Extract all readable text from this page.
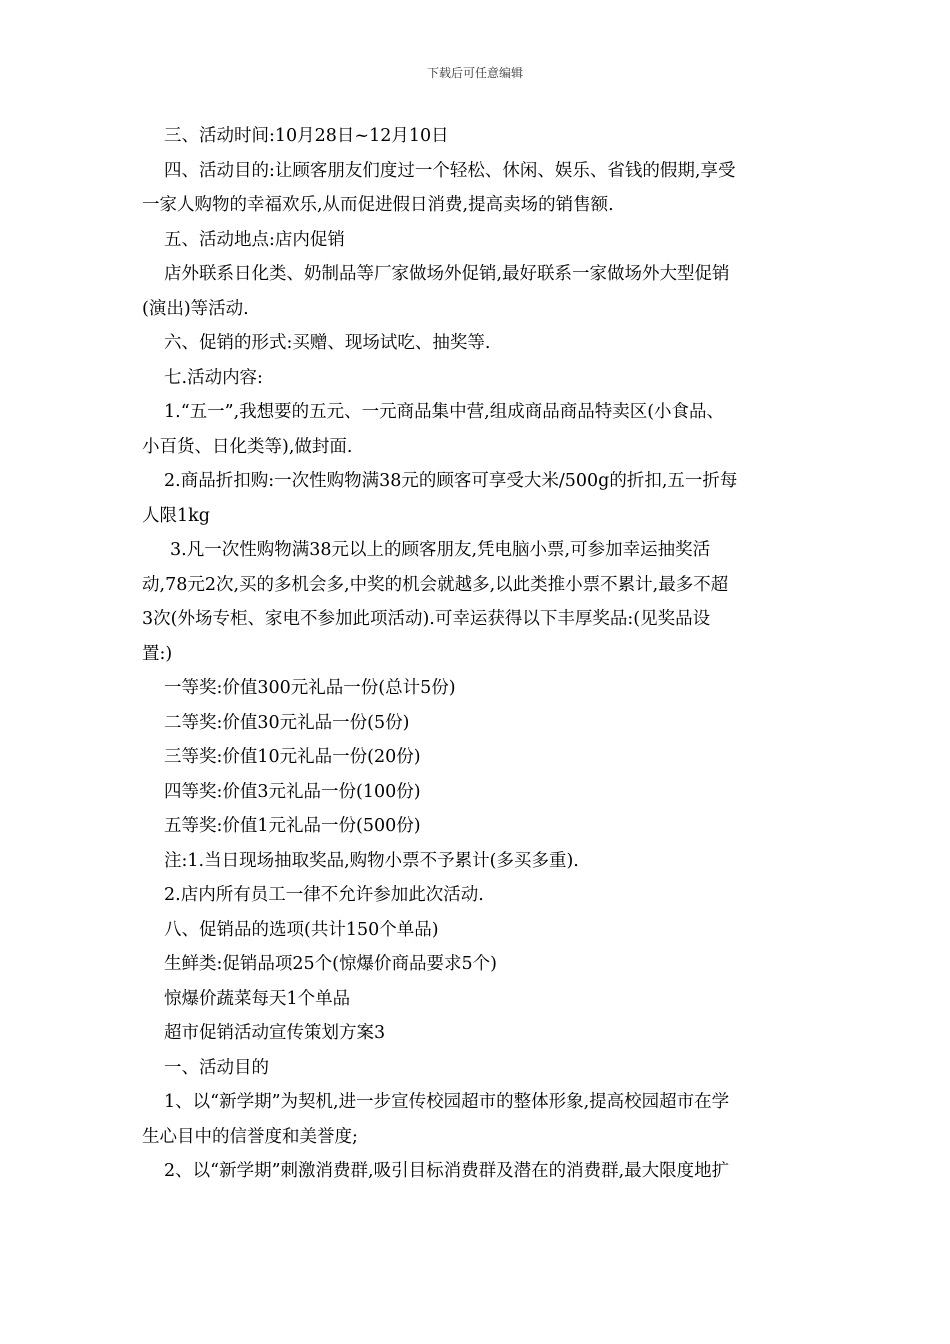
下载后可任意编辑

三、活动时间:10月28日~12月10日

四、活动目的:让顾客朋友们度过一个轻松、休闲、娱乐、省钱的假期,享受

一家人购物的幸福欢乐,从而促进假日消费,提高卖场的销售额.

五、活动地点:店内促销

店外联系日化类、奶制品等厂家做场外促销,最好联系一家做场外大型促销

(演出)等活动.

六、促销的形式:买赠、现场试吃、抽奖等.

七.活动内容:

1.“五一”,我想要的五元、一元商品集中营,组成商品商品特卖区(小食品、

小百货、日化类等),做封面.

2.商品折扣购:一次性购物满38元的顾客可享受大米/500g的折扣,五一折每

人限1kg

3.凡一次性购物满38元以上的顾客朋友,凭电脑小票,可参加幸运抽奖活

动,78元2次,买的多机会多,中奖的机会就越多,以此类推小票不累计,最多不超

3次(外场专柜、家电不参加此项活动).可幸运获得以下丰厚奖品:(见奖品设

置:)

一等奖:价值300元礼品一份(总计5份)

二等奖:价值30元礼品一份(5份)

三等奖:价值10元礼品一份(20份)

四等奖:价值3元礼品一份(100份)

五等奖:价值1元礼品一份(500份)

注:1.当日现场抽取奖品,购物小票不予累计(多买多重).

2.店内所有员工一律不允许参加此次活动.

八、促销品的选项(共计150个单品)

生鲜类:促销品项25个(惊爆价商品要求5个)

惊爆价蔬菜每天1个单品

超市促销活动宣传策划方案3

一、活动目的

1、以“新学期”为契机,进一步宣传校园超市的整体形象,提高校园超市在学

生心目中的信誉度和美誉度;

2、以“新学期”刺激消费群,吸引目标消费群及潜在的消费群,最大限度地扩
